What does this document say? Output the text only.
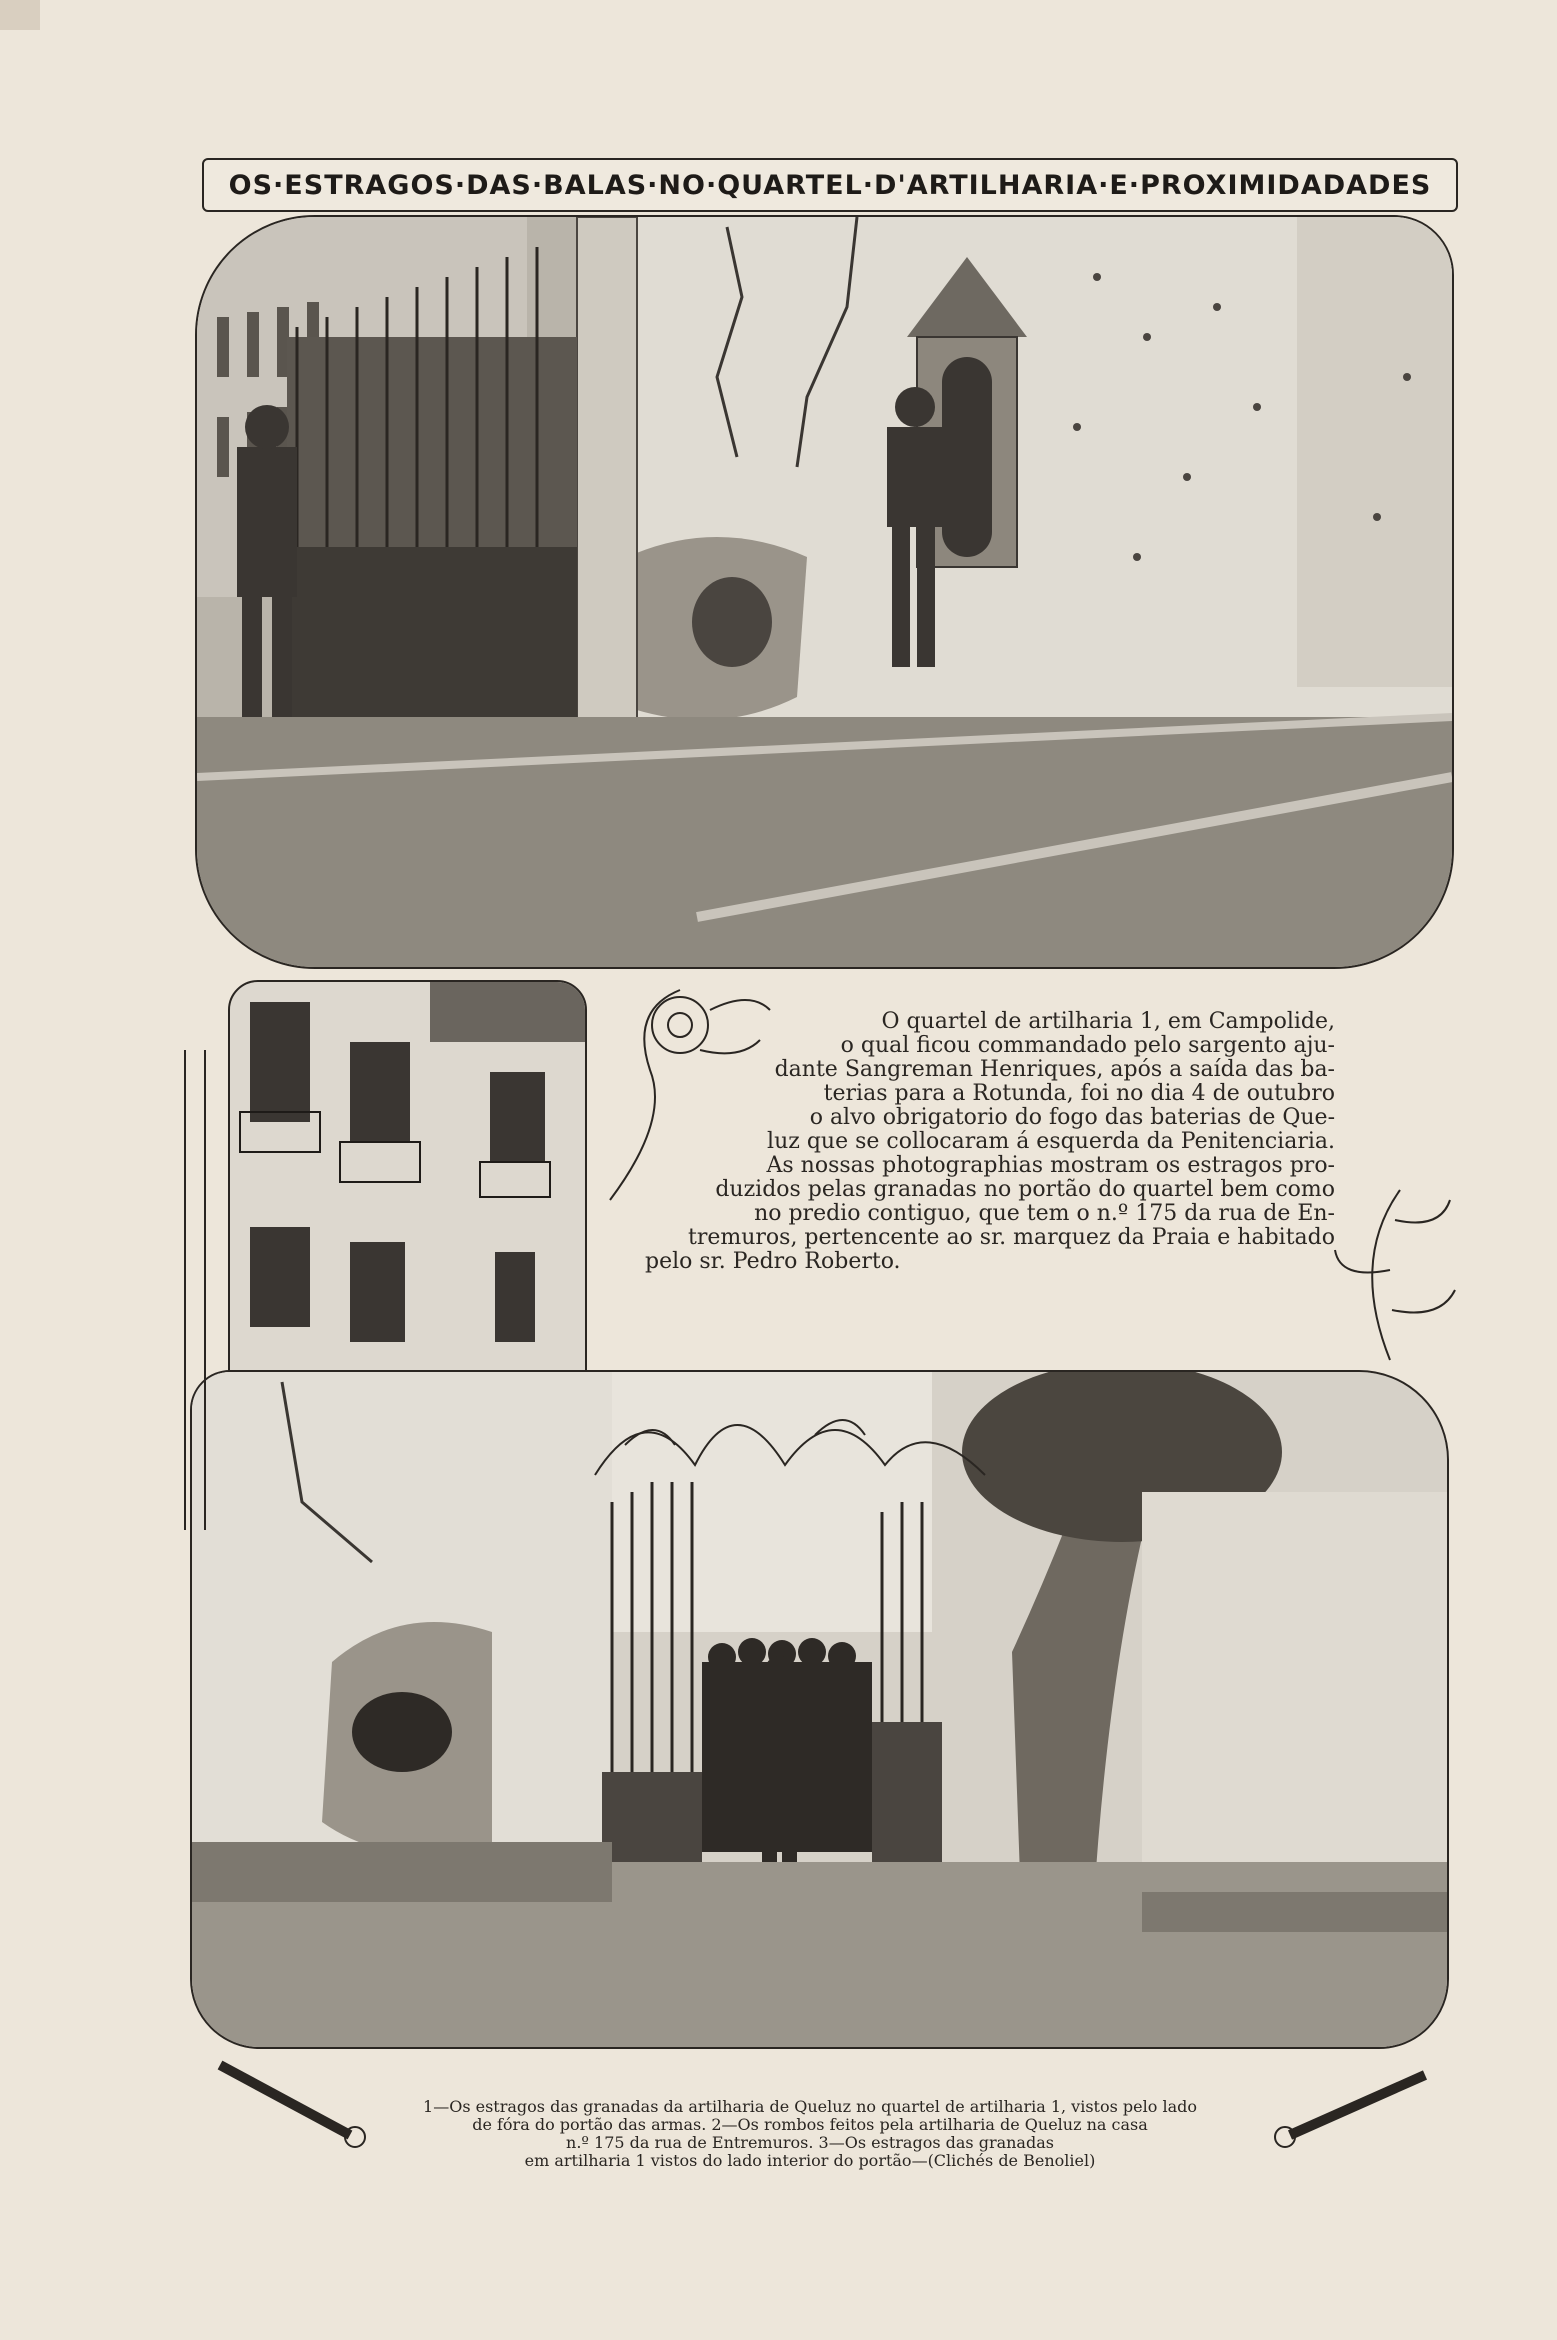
OS·ESTRAGOS·DAS·BALAS·NO·QUARTEL·D'ARTILHARIA·E·PROXIMIDADADES

O quartel de artilharia 1, em Campolide,

o qual ficou commandado pelo sargento aju-

dante Sangreman Henriques, após a saída das ba-

terias para a Rotunda, foi no dia 4 de outubro

o alvo obrigatorio do fogo das baterias de Que-

luz que se collocaram á esquerda da Penitenciaria.

As nossas photographias mostram os estragos pro-

duzidos pelas granadas no portão do quartel bem como

no predio contiguo, que tem o n.º 175 da rua de En-

tremuros, pertencente ao sr. marquez da Praia e habitado

pelo sr. Pedro Roberto.

1—Os estragos das granadas da artilharia de Queluz no quartel de artilharia 1, vistos pelo lado
de fóra do portão das armas. 2—Os rombos feitos pela artilharia de Queluz na casa
n.º 175 da rua de Entremuros. 3—Os estragos das granadas
em artilharia 1 vistos do lado interior do portão—(Clichés de Benoliel)
